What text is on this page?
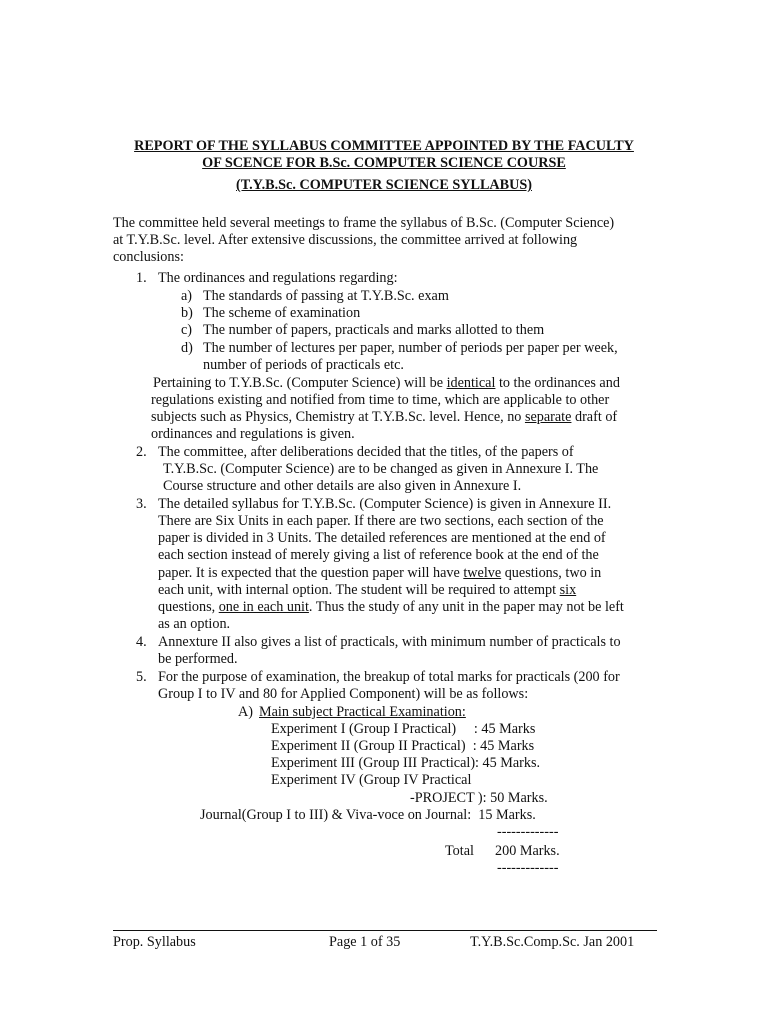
REPORT OF THE SYLLABUS COMMITTEE APPOINTED BY THE FACULTY
OF SCENCE FOR B.Sc. COMPUTER SCIENCE COURSE
(T.Y.B.Sc. COMPUTER SCIENCE SYLLABUS)
The committee held several meetings to frame the syllabus of B.Sc. (Computer Science)
at T.Y.B.Sc. level. After extensive discussions, the committee arrived at following
conclusions:
1. The ordinances and regulations regarding:
a) The standards of passing at T.Y.B.Sc. exam
b) The scheme of examination
c) The number of papers, practicals and marks allotted to them
d) The number of lectures per paper, number of periods per paper per week,
number of periods of practicals etc.
Pertaining to T.Y.B.Sc. (Computer Science) will be identical to the ordinances and
regulations existing and notified from time to time, which are applicable to other
subjects such as Physics, Chemistry at T.Y.B.Sc. level. Hence, no separate draft of
ordinances and regulations is given.
2. The committee, after deliberations decided that the titles, of the papers of
T.Y.B.Sc. (Computer Science) are to be changed as given in Annexure I. The
Course structure and other details are also given in Annexure I.
3. The detailed syllabus for T.Y.B.Sc. (Computer Science) is given in Annexure II.
There are Six Units in each paper. If there are two sections, each section of the
paper is divided in 3 Units. The detailed references are mentioned at the end of
each section instead of merely giving a list of reference book at the end of the
paper. It is expected that the question paper will have twelve questions, two in
each unit, with internal option. The student will be required to attempt six
questions, one in each unit. Thus the study of any unit in the paper may not be left
as an option.
4. Annexture II also gives a list of practicals, with minimum number of practicals to
be performed.
5. For the purpose of examination, the breakup of total marks for practicals (200 for
Group I to IV and 80 for Applied Component) will be as follows:
A) Main subject Practical Examination:
Experiment I (Group I Practical)     : 45 Marks
Experiment II (Group II Practical)  : 45 Marks
Experiment III (Group III Practical): 45 Marks.
Experiment IV (Group IV Practical
-PROJECT ): 50 Marks.
Journal(Group I to III) & Viva-voce on Journal:  15 Marks.
-------------
Total 200 Marks.
-------------
Prop. Syllabus	Page 1 of 35	T.Y.B.Sc.Comp.Sc. Jan 2001
